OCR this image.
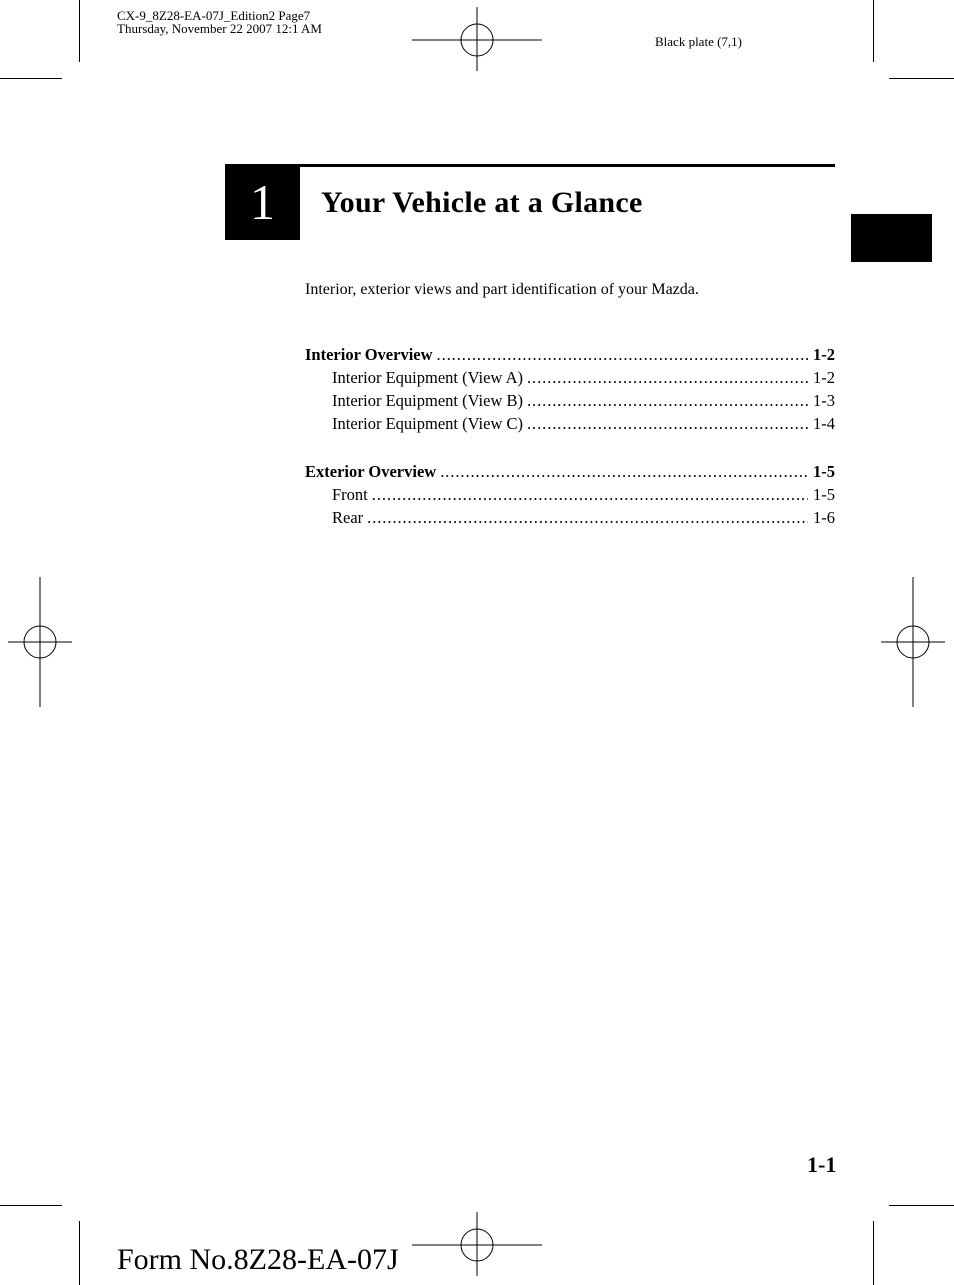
CX-9_8Z28-EA-07J_Edition2 Page7
Thursday, November 22 2007 12:1 AM
Black plate (7,1)
1	Your Vehicle at a Glance
Interior, exterior views and part identification of your Mazda.
Interior Overview . . .	1-2
Interior Equipment (View A) . . .	1-2
Interior Equipment (View B) . . .	1-3
Interior Equipment (View C) . . .	1-4
Exterior Overview . . .	1-5
Front . . .	1-5
Rear . . .	1-6
1-1
Form No.8Z28-EA-07J
